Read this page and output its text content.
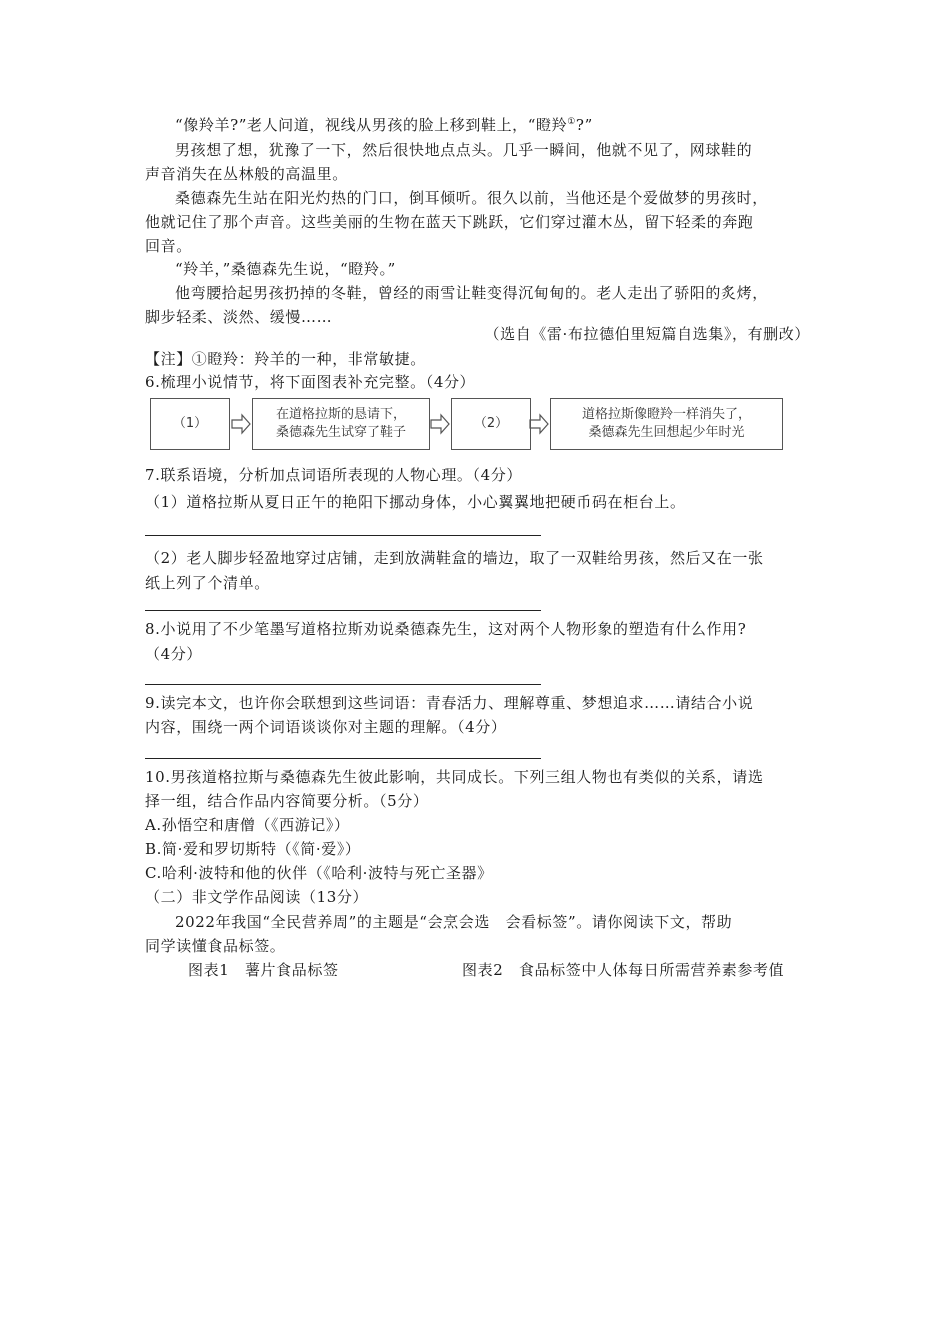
“像羚羊?”老人问道，视线从男孩的脸上移到鞋上，“瞪羚①?”
男孩想了想，犹豫了一下，然后很快地点点头。几乎一瞬间，他就不见了，网球鞋的
声音消失在丛林般的高温里。
桑德森先生站在阳光灼热的门口，倒耳倾听。很久以前，当他还是个爱做梦的男孩时，
他就记住了那个声音。这些美丽的生物在蓝天下跳跃，它们穿过灌木丛，留下轻柔的奔跑
回音。
“羚羊，”桑德森先生说，“瞪羚。”
他弯腰拾起男孩扔掉的冬鞋，曾经的雨雪让鞋变得沉甸甸的。老人走出了骄阳的炙烤，
脚步轻柔、淡然、缓慢……
（选自《雷·布拉德伯里短篇自选集》，有删改）
【注】①瞪羚：羚羊的一种，非常敏捷。
6.梳理小说情节，将下面图表补充完整。（4分）
（1）
在道格拉斯的恳请下，
桑德森先生试穿了鞋子
（2）
道格拉斯像瞪羚一样消失了，
桑德森先生回想起少年时光
7.联系语境，分析加点词语所表现的人物心理。（4分）
（1）道格拉斯从夏日正午的艳阳下挪动身体，小心翼翼地把硬币码在柜台上。
（2）老人脚步轻盈地穿过店铺，走到放满鞋盒的墙边，取了一双鞋给男孩，然后又在一张
纸上列了个清单。
8.小说用了不少笔墨写道格拉斯劝说桑德森先生，这对两个人物形象的塑造有什么作用?
（4分）
9.读完本文，也许你会联想到这些词语：青春活力、理解尊重、梦想追求……请结合小说
内容，围绕一两个词语谈谈你对主题的理解。（4分）
10.男孩道格拉斯与桑德森先生彼此影响，共同成长。下列三组人物也有类似的关系，请选
择一组，结合作品内容简要分析。（5分）
A.孙悟空和唐僧（《西游记》）
B.简·爱和罗切斯特（《简·爱》）
C.哈利·波特和他的伙伴（《哈利·波特与死亡圣器》
（二）非文学作品阅读（13分）
2022年我国“全民营养周”的主题是“会烹会选　会看标签”。请你阅读下文，帮助
同学读懂食品标签。
图表1　薯片食品标签	图表2　食品标签中人体每日所需营养素参考值
